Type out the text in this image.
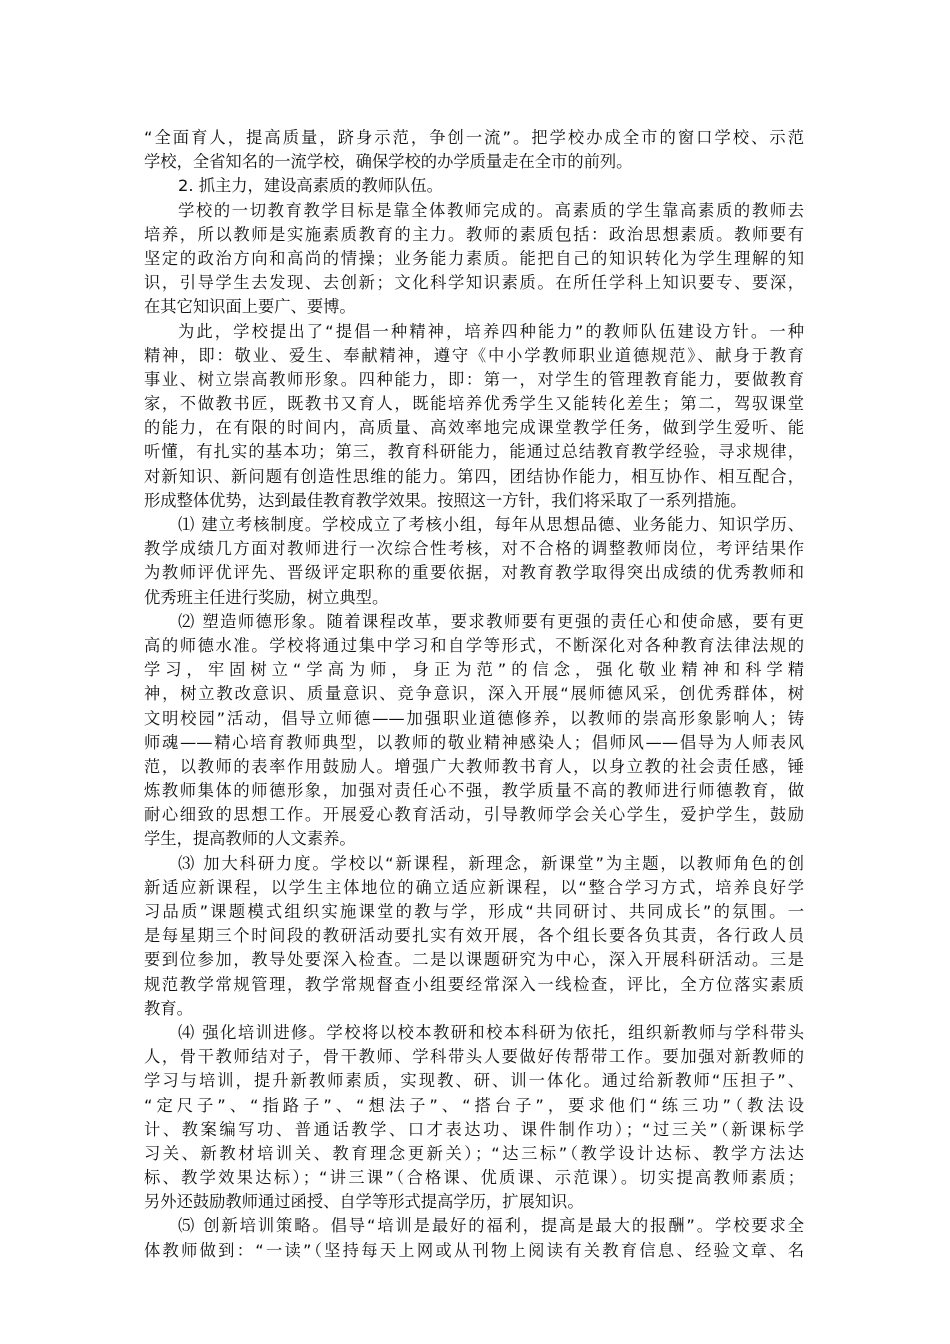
“全面育人，提高质量，跻身示范，争创一流”。把学校办成全市的窗口学校、示范
学校，全省知名的一流学校，确保学校的办学质量走在全市的前列。
2. 抓主力，建设高素质的教师队伍。
学校的一切教育教学目标是靠全体教师完成的。高素质的学生靠高素质的教师去
培养，所以教师是实施素质教育的主力。教师的素质包括：政治思想素质。教师要有
坚定的政治方向和高尚的情操；业务能力素质。能把自己的知识转化为学生理解的知
识，引导学生去发现、去创新；文化科学知识素质。在所任学科上知识要专、要深，
在其它知识面上要广、要博。
为此，学校提出了“提倡一种精神，培养四种能力”的教师队伍建设方针。一种
精神，即：敬业、爱生、奉献精神，遵守《中小学教师职业道德规范》、献身于教育
事业、树立崇高教师形象。四种能力，即：第一，对学生的管理教育能力，要做教育
家，不做教书匠，既教书又育人，既能培养优秀学生又能转化差生；第二，驾驭课堂
的能力，在有限的时间内，高质量、高效率地完成课堂教学任务，做到学生爱听、能
听懂，有扎实的基本功；第三，教育科研能力，能通过总结教育教学经验，寻求规律，
对新知识、新问题有创造性思维的能力。第四，团结协作能力，相互协作、相互配合，
形成整体优势，达到最佳教育教学效果。按照这一方针，我们将采取了一系列措施。
⑴ 建立考核制度。学校成立了考核小组，每年从思想品德、业务能力、知识学历、
教学成绩几方面对教师进行一次综合性考核，对不合格的调整教师岗位，考评结果作
为教师评优评先、晋级评定职称的重要依据，对教育教学取得突出成绩的优秀教师和
优秀班主任进行奖励，树立典型。
⑵ 塑造师德形象。随着课程改革，要求教师要有更强的责任心和使命感，要有更
高的师德水准。学校将通过集中学习和自学等形式，不断深化对各种教育法律法规的
学习，牢固树立“学高为师，身正为范”的信念，强化敬业精神和科学精
神，树立教改意识、质量意识、竞争意识，深入开展“展师德风采，创优秀群体，树
文明校园”活动，倡导立师德——加强职业道德修养，以教师的崇高形象影响人；铸
师魂——精心培育教师典型，以教师的敬业精神感染人；倡师风——倡导为人师表风
范，以教师的表率作用鼓励人。增强广大教师教书育人，以身立教的社会责任感，锤
炼教师集体的师德形象，加强对责任心不强，教学质量不高的教师进行师德教育，做
耐心细致的思想工作。开展爱心教育活动，引导教师学会关心学生，爱护学生，鼓励
学生，提高教师的人文素养。
⑶ 加大科研力度。学校以“新课程，新理念，新课堂”为主题，以教师角色的创
新适应新课程，以学生主体地位的确立适应新课程，以“整合学习方式，培养良好学
习品质”课题模式组织实施课堂的教与学，形成“共同研讨、共同成长”的氛围。一
是每星期三个时间段的教研活动要扎实有效开展，各个组长要各负其责，各行政人员
要到位参加，教导处要深入检查。二是以课题研究为中心，深入开展科研活动。三是
规范教学常规管理，教学常规督查小组要经常深入一线检查，评比，全方位落实素质
教育。
⑷ 强化培训进修。学校将以校本教研和校本科研为依托，组织新教师与学科带头
人，骨干教师结对子，骨干教师、学科带头人要做好传帮带工作。要加强对新教师的
学习与培训，提升新教师素质，实现教、研、训一体化。通过给新教师“压担子”、
“定尺子”、“指路子”、“想法子”、“搭台子”，要求他们“练三功”（教法设
计、教案编写功、普通话教学、口才表达功、课件制作功）；“过三关”（新课标学
习关、新教材培训关、教育理念更新关）；“达三标”（教学设计达标、教学方法达
标、教学效果达标）；“讲三课”（合格课、优质课、示范课）。切实提高教师素质；
另外还鼓励教师通过函授、自学等形式提高学历，扩展知识。
⑸ 创新培训策略。倡导“培训是最好的福利，提高是最大的报酬”。学校要求全
体教师做到：“一读”（坚持每天上网或从刊物上阅读有关教育信息、经验文章、名
